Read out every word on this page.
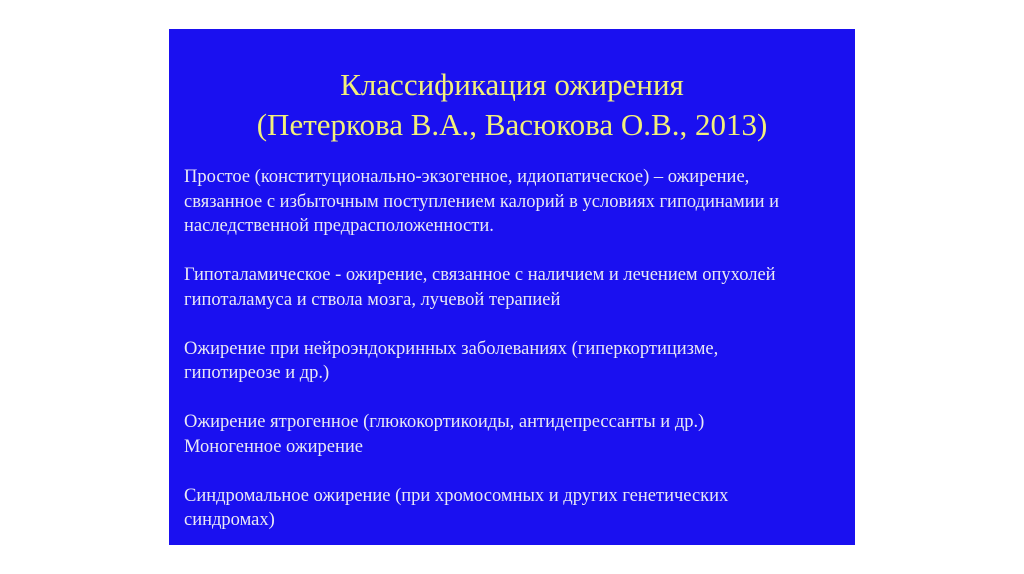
Классификация ожирения
(Петеркова В.А., Васюкова О.В., 2013)
Простое (конституционально-экзогенное, идиопатическое) – ожирение,
связанное с избыточным поступлением калорий в условиях гиподинамии и
наследственной предрасположенности.
Гипоталамическое - ожирение, связанное с наличием и лечением опухолей
гипоталамуса и ствола мозга, лучевой терапией
Ожирение при нейроэндокринных заболеваниях (гиперкортицизме,
гипотиреозе и др.)
Ожирение ятрогенное (глюкокортикоиды, антидепрессанты и др.)
Моногенное ожирение
Синдромальное ожирение (при хромосомных и других генетических
синдромах)
